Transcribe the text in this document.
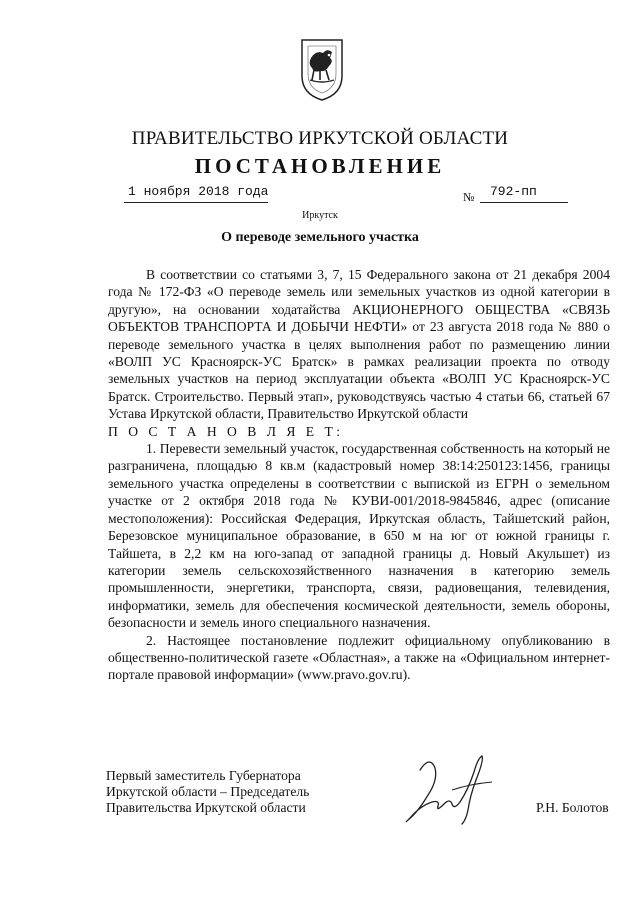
ПРАВИТЕЛЬСТВО ИРКУТСКОЙ ОБЛАСТИ
ПОСТАНОВЛЕНИЕ
1 ноября 2018 года	№ 792-пп
Иркутск
О переводе земельного участка

В соответствии со статьями 3, 7, 15 Федерального закона от 21 декабря 2004 года № 172-ФЗ «О переводе земель или земельных участков из одной категории в другую», на основании ходатайства АКЦИОНЕРНОГО ОБЩЕСТВА «СВЯЗЬ ОБЪЕКТОВ ТРАНСПОРТА И ДОБЫЧИ НЕФТИ» от 23 августа 2018 года № 880 о переводе земельного участка в целях выполнения работ по размещению линии «ВОЛП УС Красноярск-УС Братск» в рамках реализации проекта по отводу земельных участков на период эксплуатации объекта «ВОЛП УС Красноярск-УС Братск. Строительство. Первый этап», руководствуясь частью 4 статьи 66, статьей 67 Устава Иркутской области, Правительство Иркутской области

П О С Т А Н О В Л Я Е Т:

1. Перевести земельный участок, государственная собственность на который не разграничена, площадью 8 кв.м (кадастровый номер 38:14:250123:1456, границы земельного участка определены в соответствии с выпиской из ЕГРН о земельном участке от 2 октября 2018 года № КУВИ-001/2018-9845846, адрес (описание местоположения): Российская Федерация, Иркутская область, Тайшетский район, Березовское муниципальное образование, в 650 м на юг от южной границы г. Тайшета, в 2,2 км на юго-запад от западной границы д. Новый Акульшет) из категории земель сельскохозяйственного назначения в категорию земель промышленности, энергетики, транспорта, связи, радиовещания, телевидения, информатики, земель для обеспечения космической деятельности, земель обороны, безопасности и земель иного специального назначения.

2. Настоящее постановление подлежит официальному опубликованию в общественно-политической газете «Областная», а также на «Официальном интернет-портале правовой информации» (www.pravo.gov.ru).

Первый заместитель Губернатора
Иркутской области – Председатель
Правительства Иркутской области	Р.Н. Болотов
